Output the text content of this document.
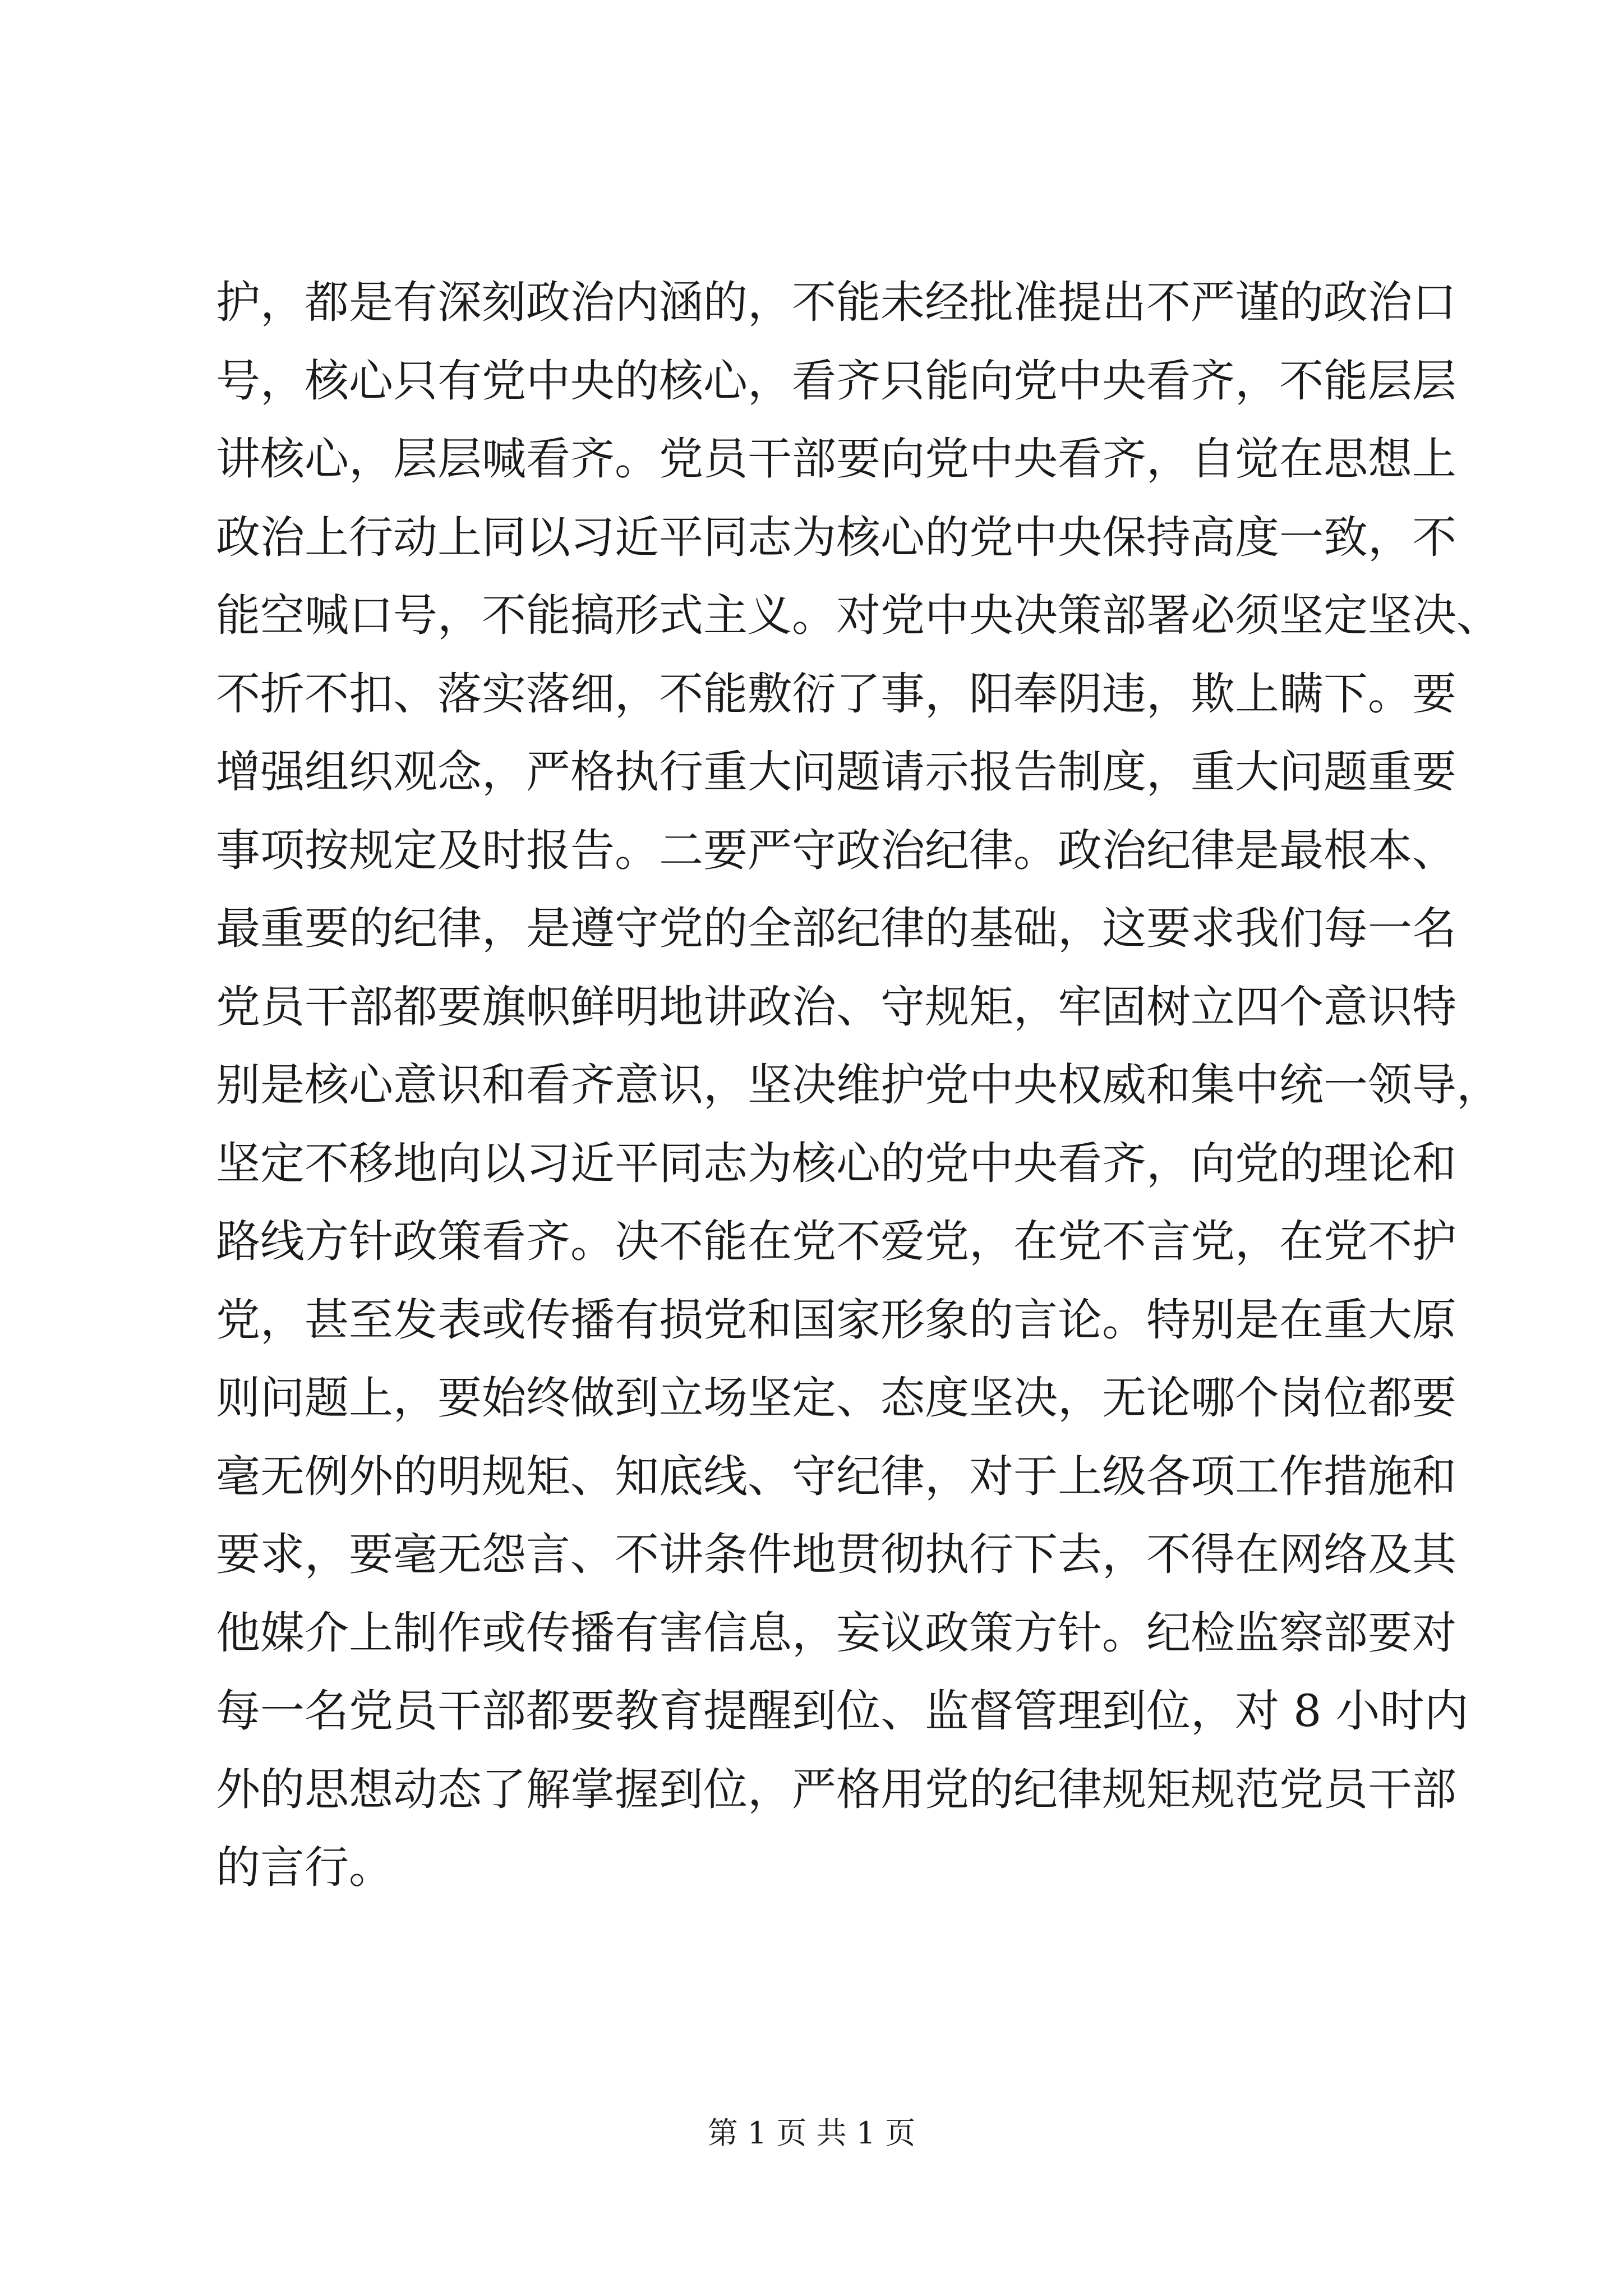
护，都是有深刻政治内涵的，不能未经批准提出不严谨的政治口
号，核心只有党中央的核心，看齐只能向党中央看齐，不能层层
讲核心，层层喊看齐。党员干部要向党中央看齐，自觉在思想上
政治上行动上同以习近平同志为核心的党中央保持高度一致，不
能空喊口号，不能搞形式主义。对党中央决策部署必须坚定坚决、
不折不扣、落实落细，不能敷衍了事，阳奉阴违，欺上瞒下。要
增强组织观念，严格执行重大问题请示报告制度，重大问题重要
事项按规定及时报告。二要严守政治纪律。政治纪律是最根本、
最重要的纪律，是遵守党的全部纪律的基础，这要求我们每一名
党员干部都要旗帜鲜明地讲政治、守规矩，牢固树立四个意识特
别是核心意识和看齐意识，坚决维护党中央权威和集中统一领导，
坚定不移地向以习近平同志为核心的党中央看齐，向党的理论和
路线方针政策看齐。决不能在党不爱党，在党不言党，在党不护
党，甚至发表或传播有损党和国家形象的言论。特别是在重大原
则问题上，要始终做到立场坚定、态度坚决，无论哪个岗位都要
毫无例外的明规矩、知底线、守纪律，对于上级各项工作措施和
要求，要毫无怨言、不讲条件地贯彻执行下去，不得在网络及其
他媒介上制作或传播有害信息，妄议政策方针。纪检监察部要对
每一名党员干部都要教育提醒到位、监督管理到位，对 8 小时内
外的思想动态了解掌握到位，严格用党的纪律规矩规范党员干部
的言行。
第 1 页 共 1 页
